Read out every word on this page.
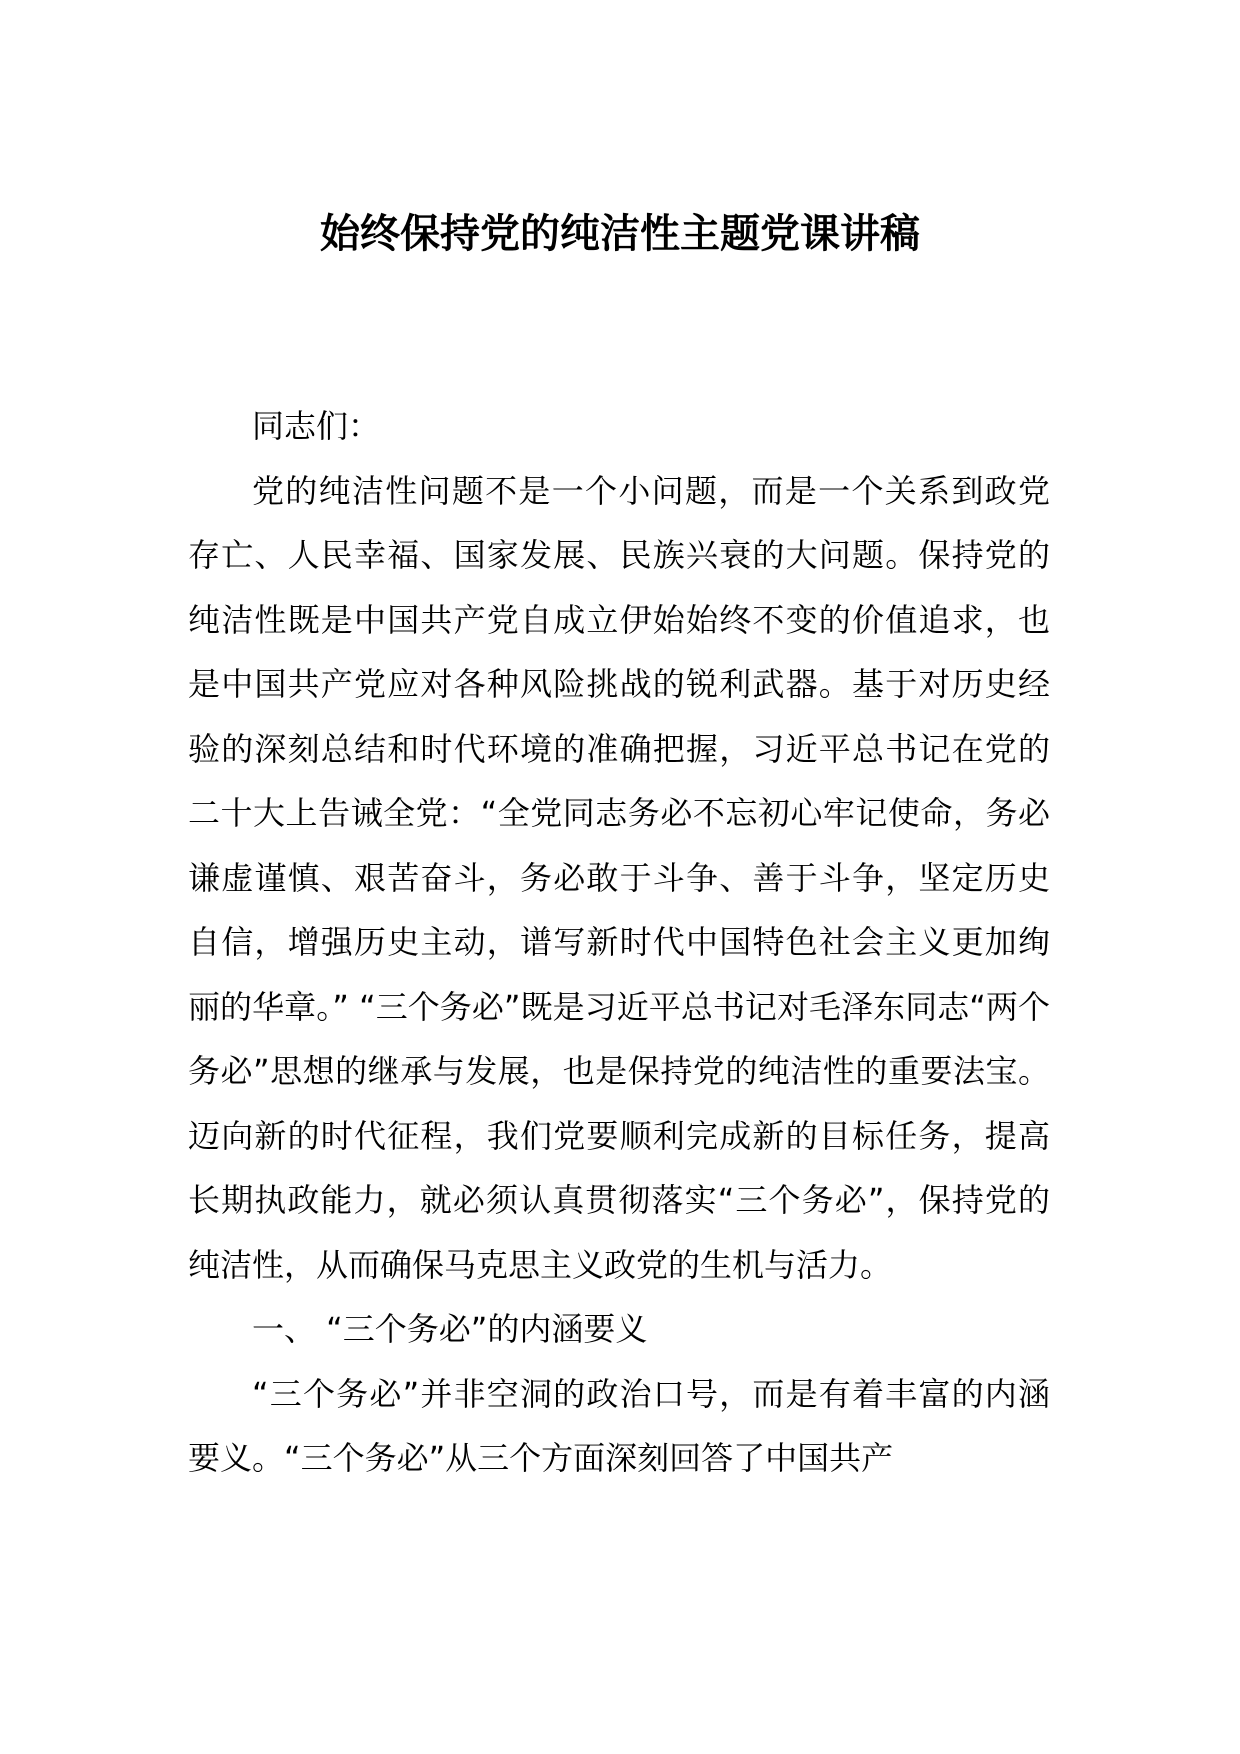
始终保持党的纯洁性主题党课讲稿

同志们：

党的纯洁性问题不是一个小问题，而是一个关系到政党存亡、人民幸福、国家发展、民族兴衰的大问题。保持党的纯洁性既是中国共产党自成立伊始始终不变的价值追求，也是中国共产党应对各种风险挑战的锐利武器。基于对历史经验的深刻总结和时代环境的准确把握，习近平总书记在党的二十大上告诫全党：“全党同志务必不忘初心牢记使命，务必谦虚谨慎、艰苦奋斗，务必敢于斗争、善于斗争，坚定历史自信，增强历史主动，谱写新时代中国特色社会主义更加绚丽的华章。” “三个务必”既是习近平总书记对毛泽东同志“两个务必”思想的继承与发展，也是保持党的纯洁性的重要法宝。迈向新的时代征程，我们党要顺利完成新的目标任务，提高长期执政能力，就必须认真贯彻落实“三个务必”，保持党的纯洁性，从而确保马克思主义政党的生机与活力。

一、 “三个务必”的内涵要义

“三个务必”并非空洞的政治口号，而是有着丰富的内涵要义。“三个务必”从三个方面深刻回答了中国共产
